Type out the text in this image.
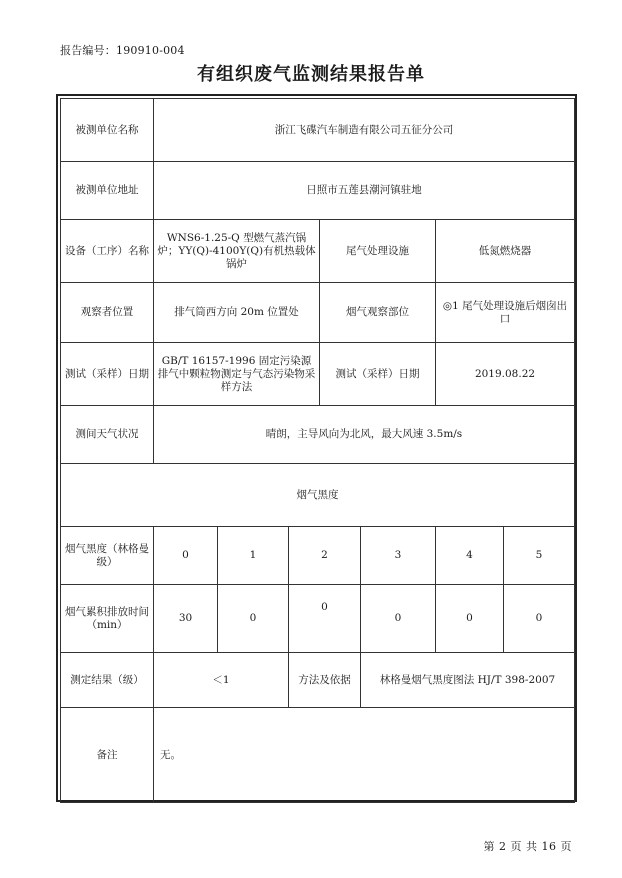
报告编号：190910-004
有组织废气监测结果报告单
被测单位名称	浙江飞碟汽车制造有限公司五征分公司						
被测单位地址	日照市五莲县潮河镇驻地						
设备（工序）名称	WNS6-1.25-Q 型燃气蒸汽锅炉；YY(Q)-4100Y(Q)有机热载体锅炉			尾气处理设施		低氮燃烧器	
观察者位置	排气筒西方向 20m 位置处			烟气观察部位		◎1 尾气处理设施后烟囱出口	
测试（采样）日期	GB/T 16157-1996 固定污染源排气中颗粒物测定与气态污染物采样方法			测试（采样）日期		2019.08.22	
测间天气状况	晴朗，主导风向为北风，最大风速 3.5m/s						
烟气黑度							
烟气黑度（林格曼级）	0	1	2		3	4	5
烟气累积排放时间（min）	30	0	0		0	0	0
测定结果（级）	＜1		方法及依据		林格曼烟气黑度图法 HJ/T 398-2007		
备注	无。						
第 2 页 共 16 页
